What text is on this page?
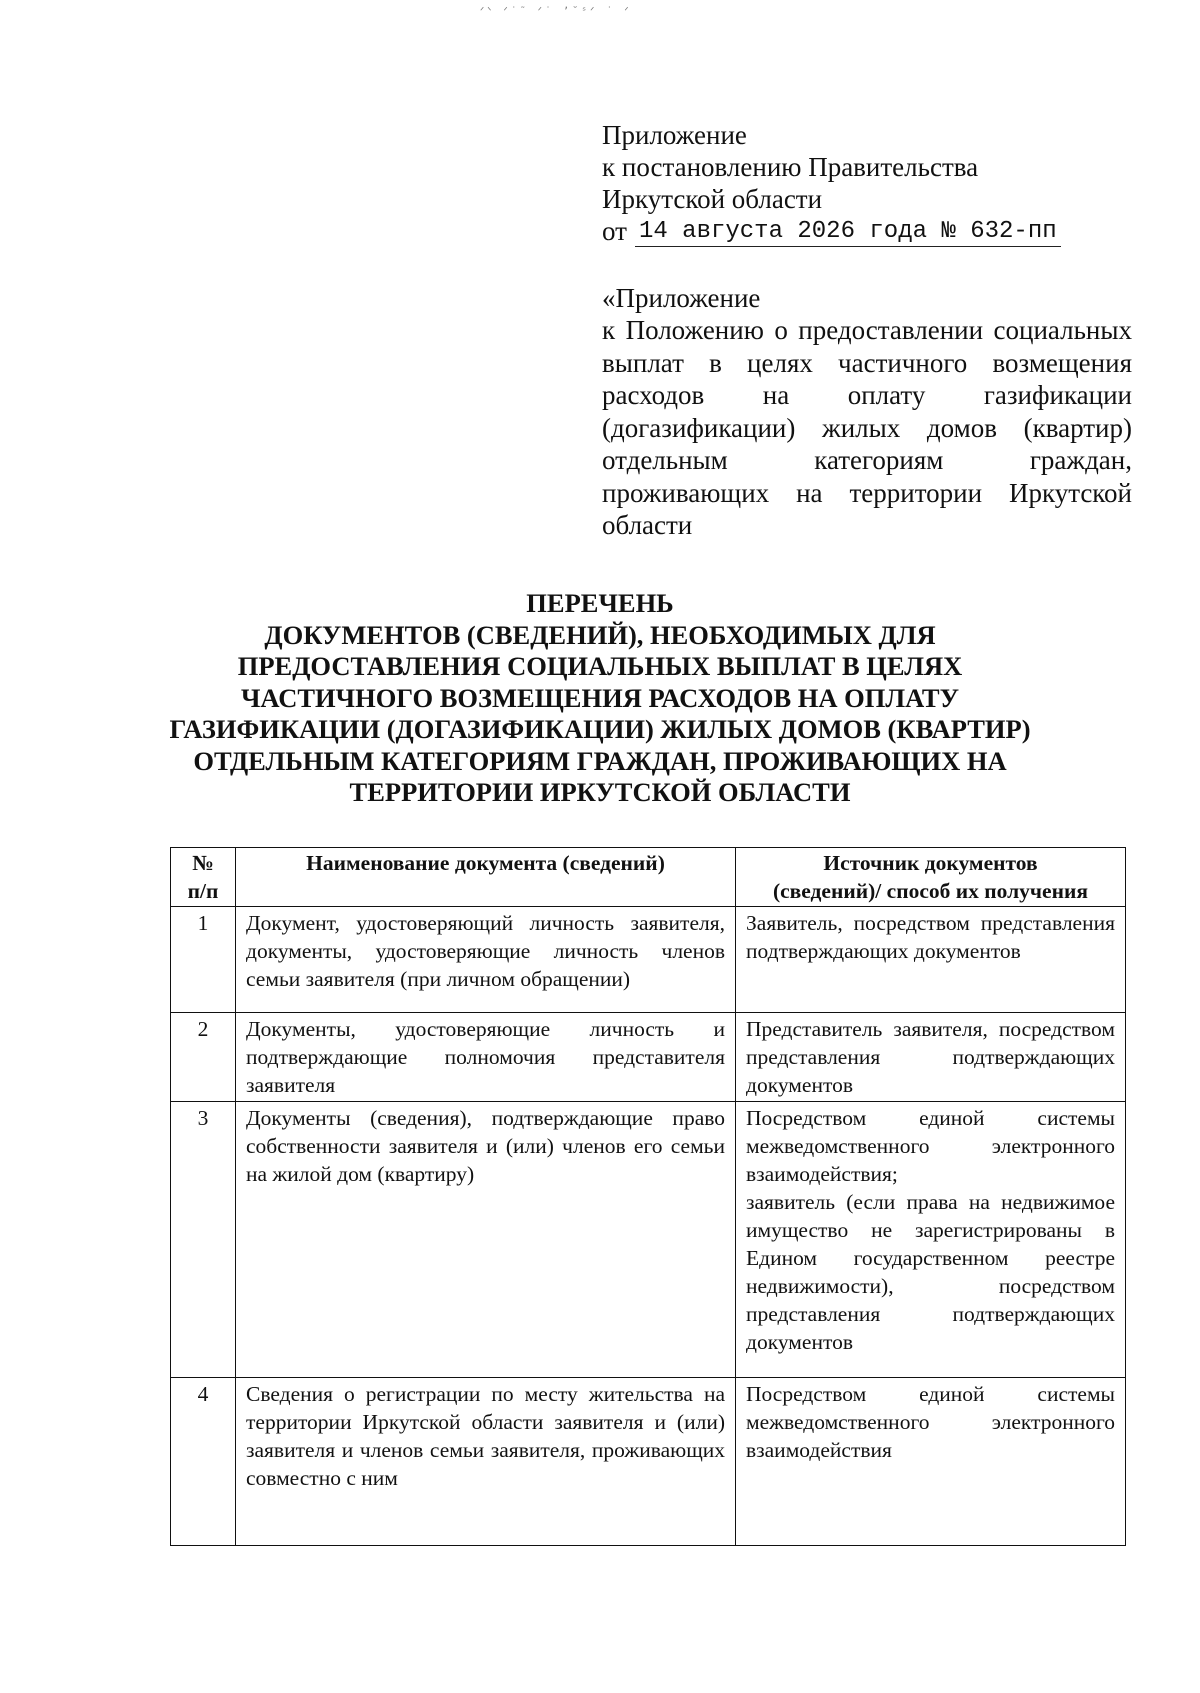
ᐟᐠ ᐟ˙˜ ᐟ˙ ʼ˘ˢᐟ ˙ ᐟ
Приложение
к постановлению Правительства
Иркутской области
от 14 августа 2026 года № 632-пп
«Приложение
к Положению о предоставлении социальных выплат в целях частичного возмещения расходов на оплату газификации (догазификации) жилых домов (квартир) отдельным категориям граждан, проживающих на территории Иркутской области
ПЕРЕЧЕНЬ
ДОКУМЕНТОВ (СВЕДЕНИЙ), НЕОБХОДИМЫХ ДЛЯ
ПРЕДОСТАВЛЕНИЯ СОЦИАЛЬНЫХ ВЫПЛАТ В ЦЕЛЯХ
ЧАСТИЧНОГО ВОЗМЕЩЕНИЯ РАСХОДОВ НА ОПЛАТУ
ГАЗИФИКАЦИИ (ДОГАЗИФИКАЦИИ) ЖИЛЫХ ДОМОВ (КВАРТИР)
ОТДЕЛЬНЫМ КАТЕГОРИЯМ ГРАЖДАН, ПРОЖИВАЮЩИХ НА
ТЕРРИТОРИИ ИРКУТСКОЙ ОБЛАСТИ
№
п/п	Наименование документа (сведений)	Источник документов
(сведений)/ способ их получения

1	Документ, удостоверяющий личность заявителя, документы, удостоверяющие личность членов семьи заявителя (при личном обращении)	Заявитель, посредством представления подтверждающих документов
2	Документы, удостоверяющие личность и подтверждающие полномочия представителя заявителя	Представитель заявителя, посредством представления подтверждающих документов
3	Документы (сведения), подтверждающие право собственности заявителя и (или) членов его семьи на жилой дом (квартиру)	Посредством единой системы межведомственного электронного взаимодействия;
заявитель (если права на недвижимое имущество не зарегистрированы в Едином государственном реестре недвижимости), посредством представления подтверждающих документов

4	Сведения о регистрации по месту жительства на территории Иркутской области заявителя и (или) заявителя и членов семьи заявителя, проживающих совместно с ним	Посредством единой системы межведомственного электронного взаимодействия
